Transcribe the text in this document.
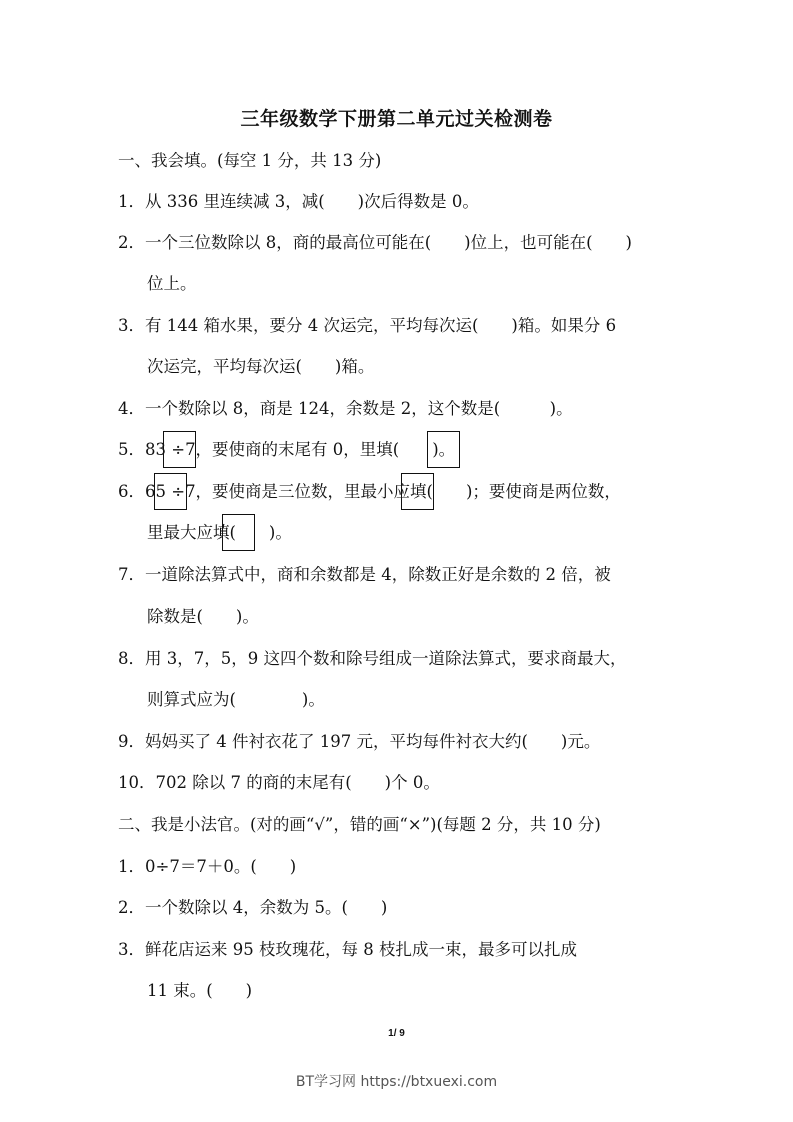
三年级数学下册第二单元过关检测卷
一、我会填。(每空 1 分，共 13 分)
1．从 336 里连续减 3，减(　　)次后得数是 0。
2．一个三位数除以 8，商的最高位可能在(　　)位上，也可能在(　　)
位上。
3．有 144 箱水果，要分 4 次运完，平均每次运(　　)箱。如果分 6
次运完，平均每次运(　　)箱。
4．一个数除以 8，商是 124，余数是 2，这个数是(　　　)。
5．83 ÷7，要使商的末尾有 0，里填(　　)。
6．65 ÷7，要使商是三位数，里最小应填(　　)；要使商是两位数，
里最大应填(　　)。
7．一道除法算式中，商和余数都是 4，除数正好是余数的 2 倍，被
除数是(　　)。
8．用 3，7，5，9 这四个数和除号组成一道除法算式，要求商最大，
则算式应为(　　　　)。
9．妈妈买了 4 件衬衣花了 197 元，平均每件衬衣大约(　　)元。
10．702 除以 7 的商的末尾有(　　)个 0。
二、我是小法官。(对的画“√”，错的画“×”)(每题 2 分，共 10 分)
1．0÷7＝7＋0。(　　)
2．一个数除以 4，余数为 5。(　　)
3．鲜花店运来 95 枝玫瑰花，每 8 枝扎成一束，最多可以扎成
11 束。(　　)
1/ 9
BT学习网 https://btxuexi.com
